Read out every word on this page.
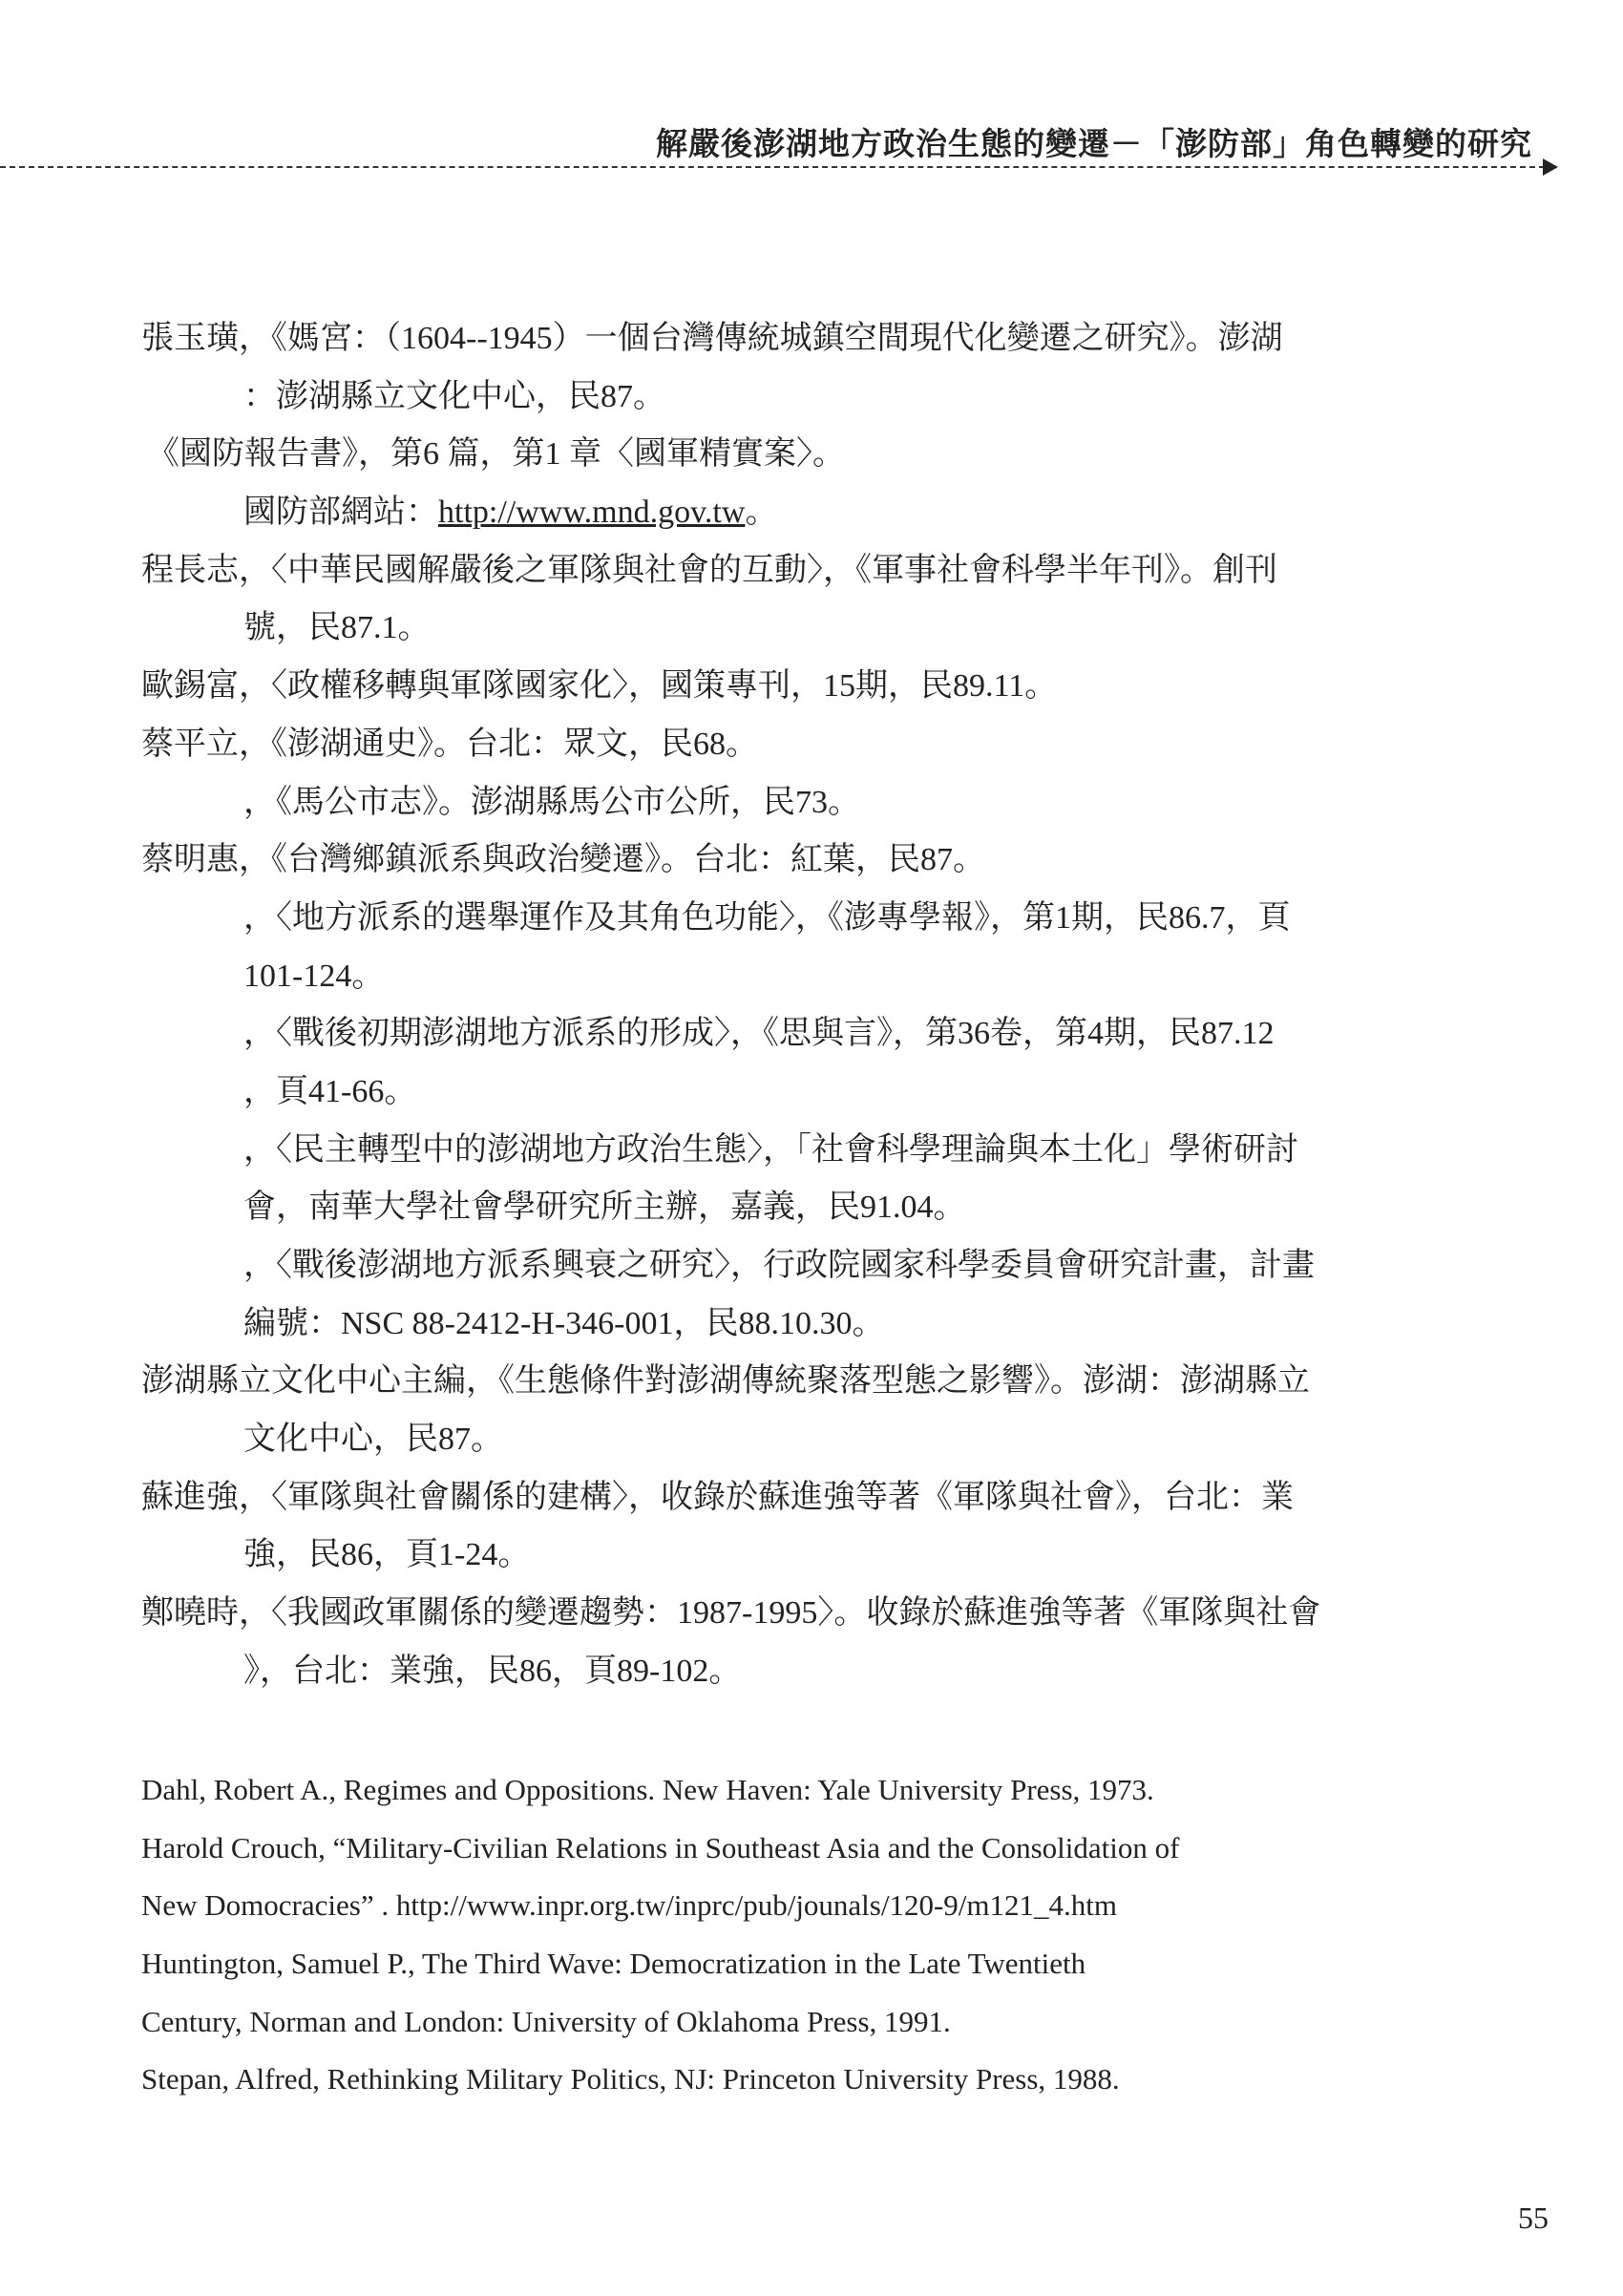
解嚴後澎湖地方政治生態的變遷－「澎防部」角色轉變的研究
張玉璜，《媽宮：（1604--1945）一個台灣傳統城鎮空間現代化變遷之研究》。澎湖
：澎湖縣立文化中心，民87。
《國防報告書》，第6 篇，第1 章〈國軍精實案〉。
國防部網站：http://www.mnd.gov.tw。
程長志，〈中華民國解嚴後之軍隊與社會的互動〉，《軍事社會科學半年刊》。創刊
號，民87.1。
歐錫富，〈政權移轉與軍隊國家化〉，國策專刊，15期，民89.11。
蔡平立，《澎湖通史》。台北：眾文，民68。
，《馬公市志》。澎湖縣馬公市公所，民73。
蔡明惠，《台灣鄉鎮派系與政治變遷》。台北：紅葉，民87。
，〈地方派系的選舉運作及其角色功能〉，《澎專學報》，第1期，民86.7，頁
101-124。
，〈戰後初期澎湖地方派系的形成〉，《思與言》，第36卷，第4期，民87.12
，頁41-66。
，〈民主轉型中的澎湖地方政治生態〉，「社會科學理論與本土化」學術研討
會，南華大學社會學研究所主辦，嘉義，民91.04。
，〈戰後澎湖地方派系興衰之研究〉，行政院國家科學委員會研究計畫，計畫
編號：NSC 88-2412-H-346-001，民88.10.30。
澎湖縣立文化中心主編，《生態條件對澎湖傳統聚落型態之影響》。澎湖：澎湖縣立
文化中心，民87。
蘇進強，〈軍隊與社會關係的建構〉，收錄於蘇進強等著《軍隊與社會》，台北：業
強，民86，頁1-24。
鄭曉時，〈我國政軍關係的變遷趨勢：1987-1995〉。收錄於蘇進強等著《軍隊與社會
》，台北：業強，民86，頁89-102。
Dahl, Robert A., Regimes and Oppositions. New Haven: Yale University Press, 1973.
Harold Crouch, “Military-Civilian Relations in Southeast Asia and the Consolidation of
New Domocracies” . http://www.inpr.org.tw/inprc/pub/jounals/120-9/m121_4.htm
Huntington, Samuel P., The Third Wave: Democratization in the Late Twentieth
Century, Norman and London: University of Oklahoma Press, 1991.
Stepan, Alfred, Rethinking Military Politics, NJ: Princeton University Press, 1988.
55
